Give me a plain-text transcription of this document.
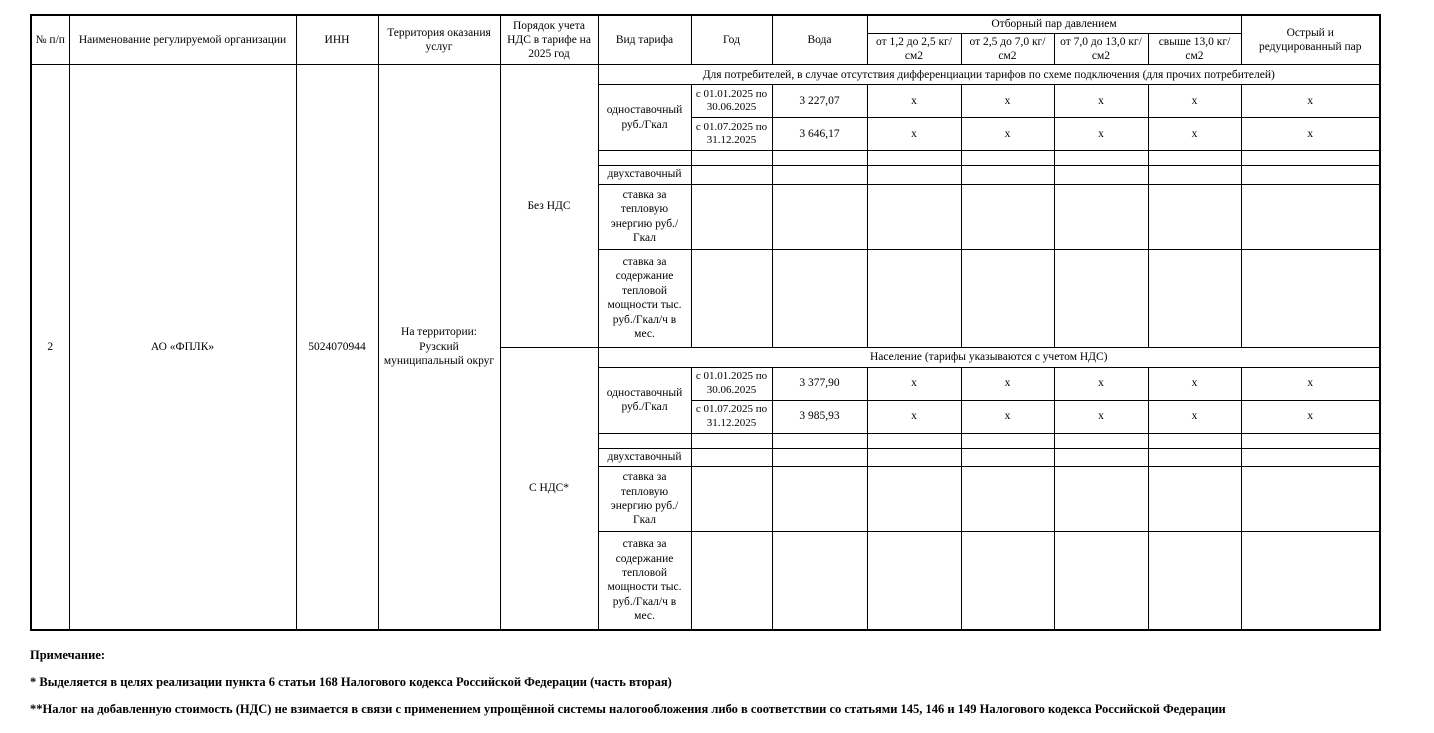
№ п/п	Наименование регулируемой организации	ИНН	Территория оказания услуг	Порядок учета НДС в тарифе на 2025 год	Вид тарифа	Год	Вода	Отборный пар давлением				Острый и редуцированный пар
								от 1,2 до 2,5 кг/см2	от 2,5 до 7,0 кг/см2	от 7,0 до 13,0 кг/см2	свыше 13,0 кг/см2	
2	АО «ФПЛК»	5024070944	На территории: Рузский муниципальный округ	Без НДС	Для потребителей, в случае отсутствия дифференциации тарифов по схеме подключения (для прочих потребителей)							
					одноставочный руб./Гкал	с 01.01.2025 по 30.06.2025	3 227,07	x	x	x	x	x
						с 01.07.2025 по 31.12.2025	3 646,17	x	x	x	x	x

					двухставочный							
					ставка за тепловую энергию руб./Гкал							
					ставка за содержание тепловой мощности тыс. руб./Гкал/ч в мес.							
				С НДС*	Население (тарифы указываются с учетом НДС)							
					одноставочный руб./Гкал	с 01.01.2025 по 30.06.2025	3 377,90	x	x	x	x	x
						с 01.07.2025 по 31.12.2025	3 985,93	x	x	x	x	x

					двухставочный							
					ставка за тепловую энергию руб./Гкал							
					ставка за содержание тепловой мощности тыс. руб./Гкал/ч в мес.							

Примечание:

* Выделяется в целях реализации пункта 6 статьи 168 Налогового кодекса Российской Федерации (часть вторая)

**Налог на добавленную стоимость (НДС) не взимается в связи с применением упрощённой системы налогообложения либо в соответствии со статьями 145, 146 и 149 Налогового кодекса Российской Федерации
